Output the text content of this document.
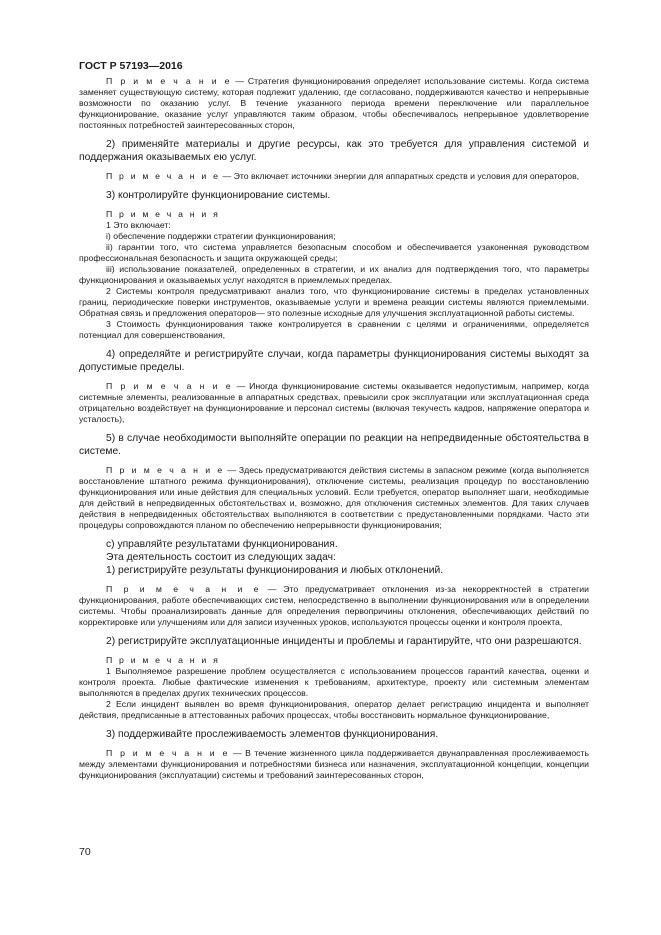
ГОСТ Р 57193—2016

П р и м е ч а н и е — Стратегия функционирования определяет использование системы. Когда система заменяет существующую систему, которая подлежит удалению, где согласовано, поддерживаются качество и непрерывные возможности по оказанию услуг. В течение указанного периода времени переключение или параллельное функционирование, оказание услуг управляются таким образом, чтобы обеспечивалось непрерывное удовлетворение постоянных потребностей заинтересованных сторон,

2) применяйте материалы и другие ресурсы, как это требуется для управления системой и поддержания оказываемых ею услуг.

П р и м е ч а н и е — Это включает источники энергии для аппаратных средств и условия для операторов,

3) контролируйте функционирование системы.

П р и м е ч а н и я

1 Это включает:

i) обеспечение поддержки стратегии функционирования;

ii) гарантии того, что система управляется безопасным способом и обеспечивается узаконенная руководством профессиональная безопасность и защита окружающей среды;

iii) использование показателей, определенных в стратегии, и их анализ для подтверждения того, что параметры функционирования и оказываемых услуг находятся в приемлемых пределах.

2 Системы контроля предусматривают анализ того, что функционирование системы в пределах установленных границ, периодические поверки инструментов, оказываемые услуги и времена реакции системы являются приемлемыми. Обратная связь и предложения операторов— это полезные исходные для улучшения эксплуатационной работы системы.

3 Стоимость функционирования также контролируется в сравнении с целями и ограничениями, определяется потенциал для совершенствования,

4) определяйте и регистрируйте случаи, когда параметры функционирования системы выходят за допустимые пределы.

П р и м е ч а н и е — Иногда функционирование системы оказывается недопустимым, например, когда системные элементы, реализованные в аппаратных средствах, превысили срок эксплуатации или эксплуатационная среда отрицательно воздействует на функционирование и персонал системы (включая текучесть кадров, напряжение оператора и усталость),

5) в случае необходимости выполняйте операции по реакции на непредвиденные обстоятельства в системе.

П р и м е ч а н и е — Здесь предусматриваются действия системы в запасном режиме (когда выполняется восстановление штатного режима функционирования), отключение системы, реализация процедур по восстановлению функционирования или иные действия для специальных условий. Если требуется, оператор выполняет шаги, необходимые для действий в непредвиденных обстоятельствах и, возможно, для отключения системных элементов. Для таких случаев действия в непредвиденных обстоятельствах выполняются в соответствии с предустановленными порядками. Часто эти процедуры сопровождаются планом по обеспечению непрерывности функционирования;

c) управляйте результатами функционирования.

Эта деятельность состоит из следующих задач:

1) регистрируйте результаты функционирования и любых отклонений.

П р и м е ч а н и е — Это предусматривает отклонения из-за некорректностей в стратегии функционирования, работе обеспечивающих систем, непосредственно в выполнении функционирования или в определении системы. Чтобы проанализировать данные для определения первопричины отклонения, обеспечивающих действий по корректировке или улучшениям или для записи изученных уроков, используются процессы оценки и контроля проекта,

2) регистрируйте эксплуатационные инциденты и проблемы и гарантируйте, что они разрешаются.

П р и м е ч а н и я

1 Выполняемое разрешение проблем осуществляется с использованием процессов гарантий качества, оценки и контроля проекта. Любые фактические изменения к требованиям, архитектуре, проекту или системным элементам выполняются в пределах других технических процессов.

2 Если инцидент выявлен во время функционирования, оператор делает регистрацию инцидента и выполняет действия, предписанные в аттестованных рабочих процессах, чтобы восстановить нормальное функционирование,

3) поддерживайте прослеживаемость элементов функционирования.

П р и м е ч а н и е — В течение жизненного цикла поддерживается двунаправленная прослеживаемость между элементами функционирования и потребностями бизнеса или назначения, эксплуатационной концепции, концепции функционирования (эксплуатации) системы и требований заинтересованных сторон,

70
